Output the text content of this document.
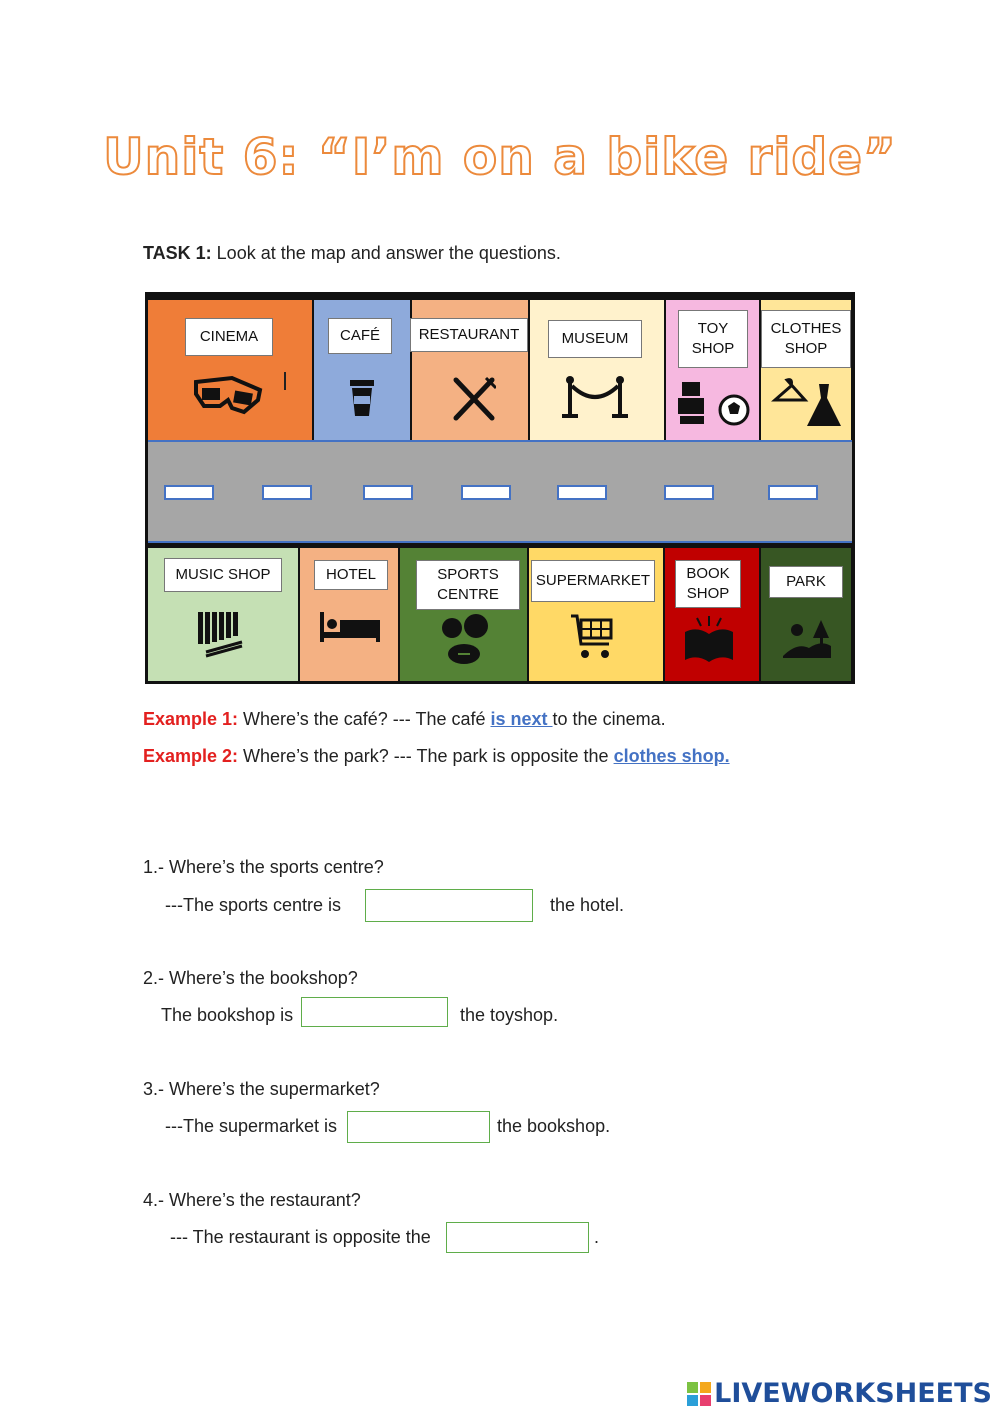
Unit 6: “I’m on a bike ride”
TASK 1: Look at the map and answer the questions.
CINEMA	CAFÉ	RESTAURANT	MUSEUM
TOY SHOP
CLOTHES SHOP
MUSIC SHOP	HOTEL	SPORTS CENTRE
SUPERMARKET	BOOK SHOP
PARK
Example 1: Where’s the café? --- The café is next to the cinema.
Example 2: Where’s the park? --- The park is opposite the clothes shop.
1.- Where’s the sports centre?
---The sports centre is	the hotel.
2.- Where’s the bookshop?
The bookshop is	the toyshop.
3.- Where’s the supermarket?
---The supermarket is	the bookshop.
4.- Where’s the restaurant?
--- The restaurant is opposite the	.
LIVEWORKSHEETS
